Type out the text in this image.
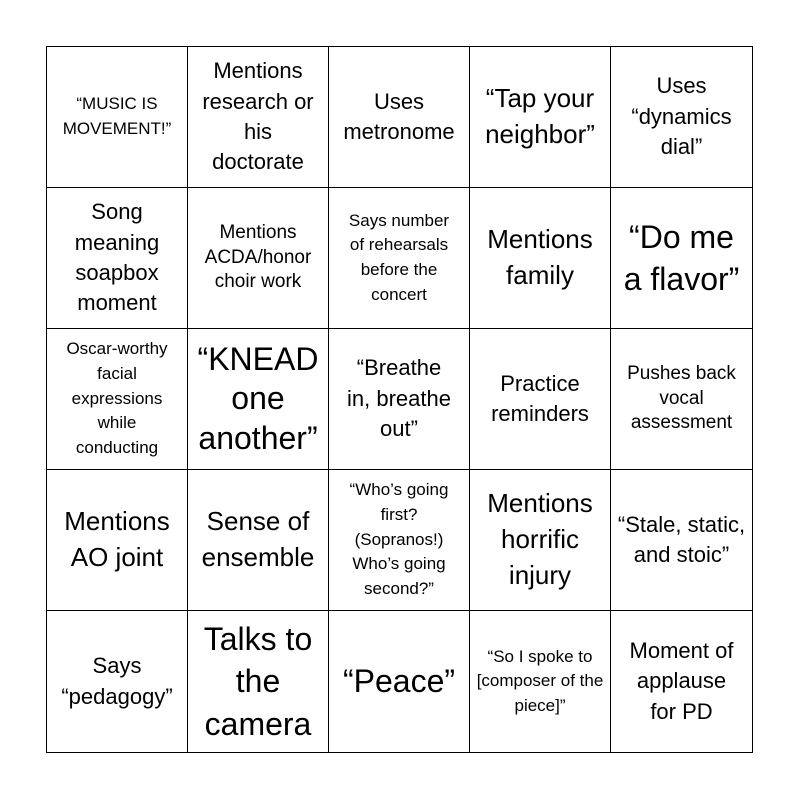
“MUSIC IS MOVEMENT!”
Mentions research or his doctorate
Uses metronome
“Tap your neighbor”
Uses “dynamics dial”
Song meaning soapbox moment
Mentions ACDA/honor choir work
Says number of rehearsals before the concert
Mentions family
“Do me a flavor”
Oscar-worthy facial expressions while conducting
“KNEAD one another”
“Breathe in, breathe out”
Practice reminders
Pushes back vocal assessment
Mentions AO joint
Sense of ensemble
“Who’s going first? (Sopranos!) Who’s going second?”
Mentions horrific injury
“Stale, static, and stoic”
Says “pedagogy”
Talks to the camera
“Peace”
“So I spoke to [composer of the piece]”
Moment of applause for PD
